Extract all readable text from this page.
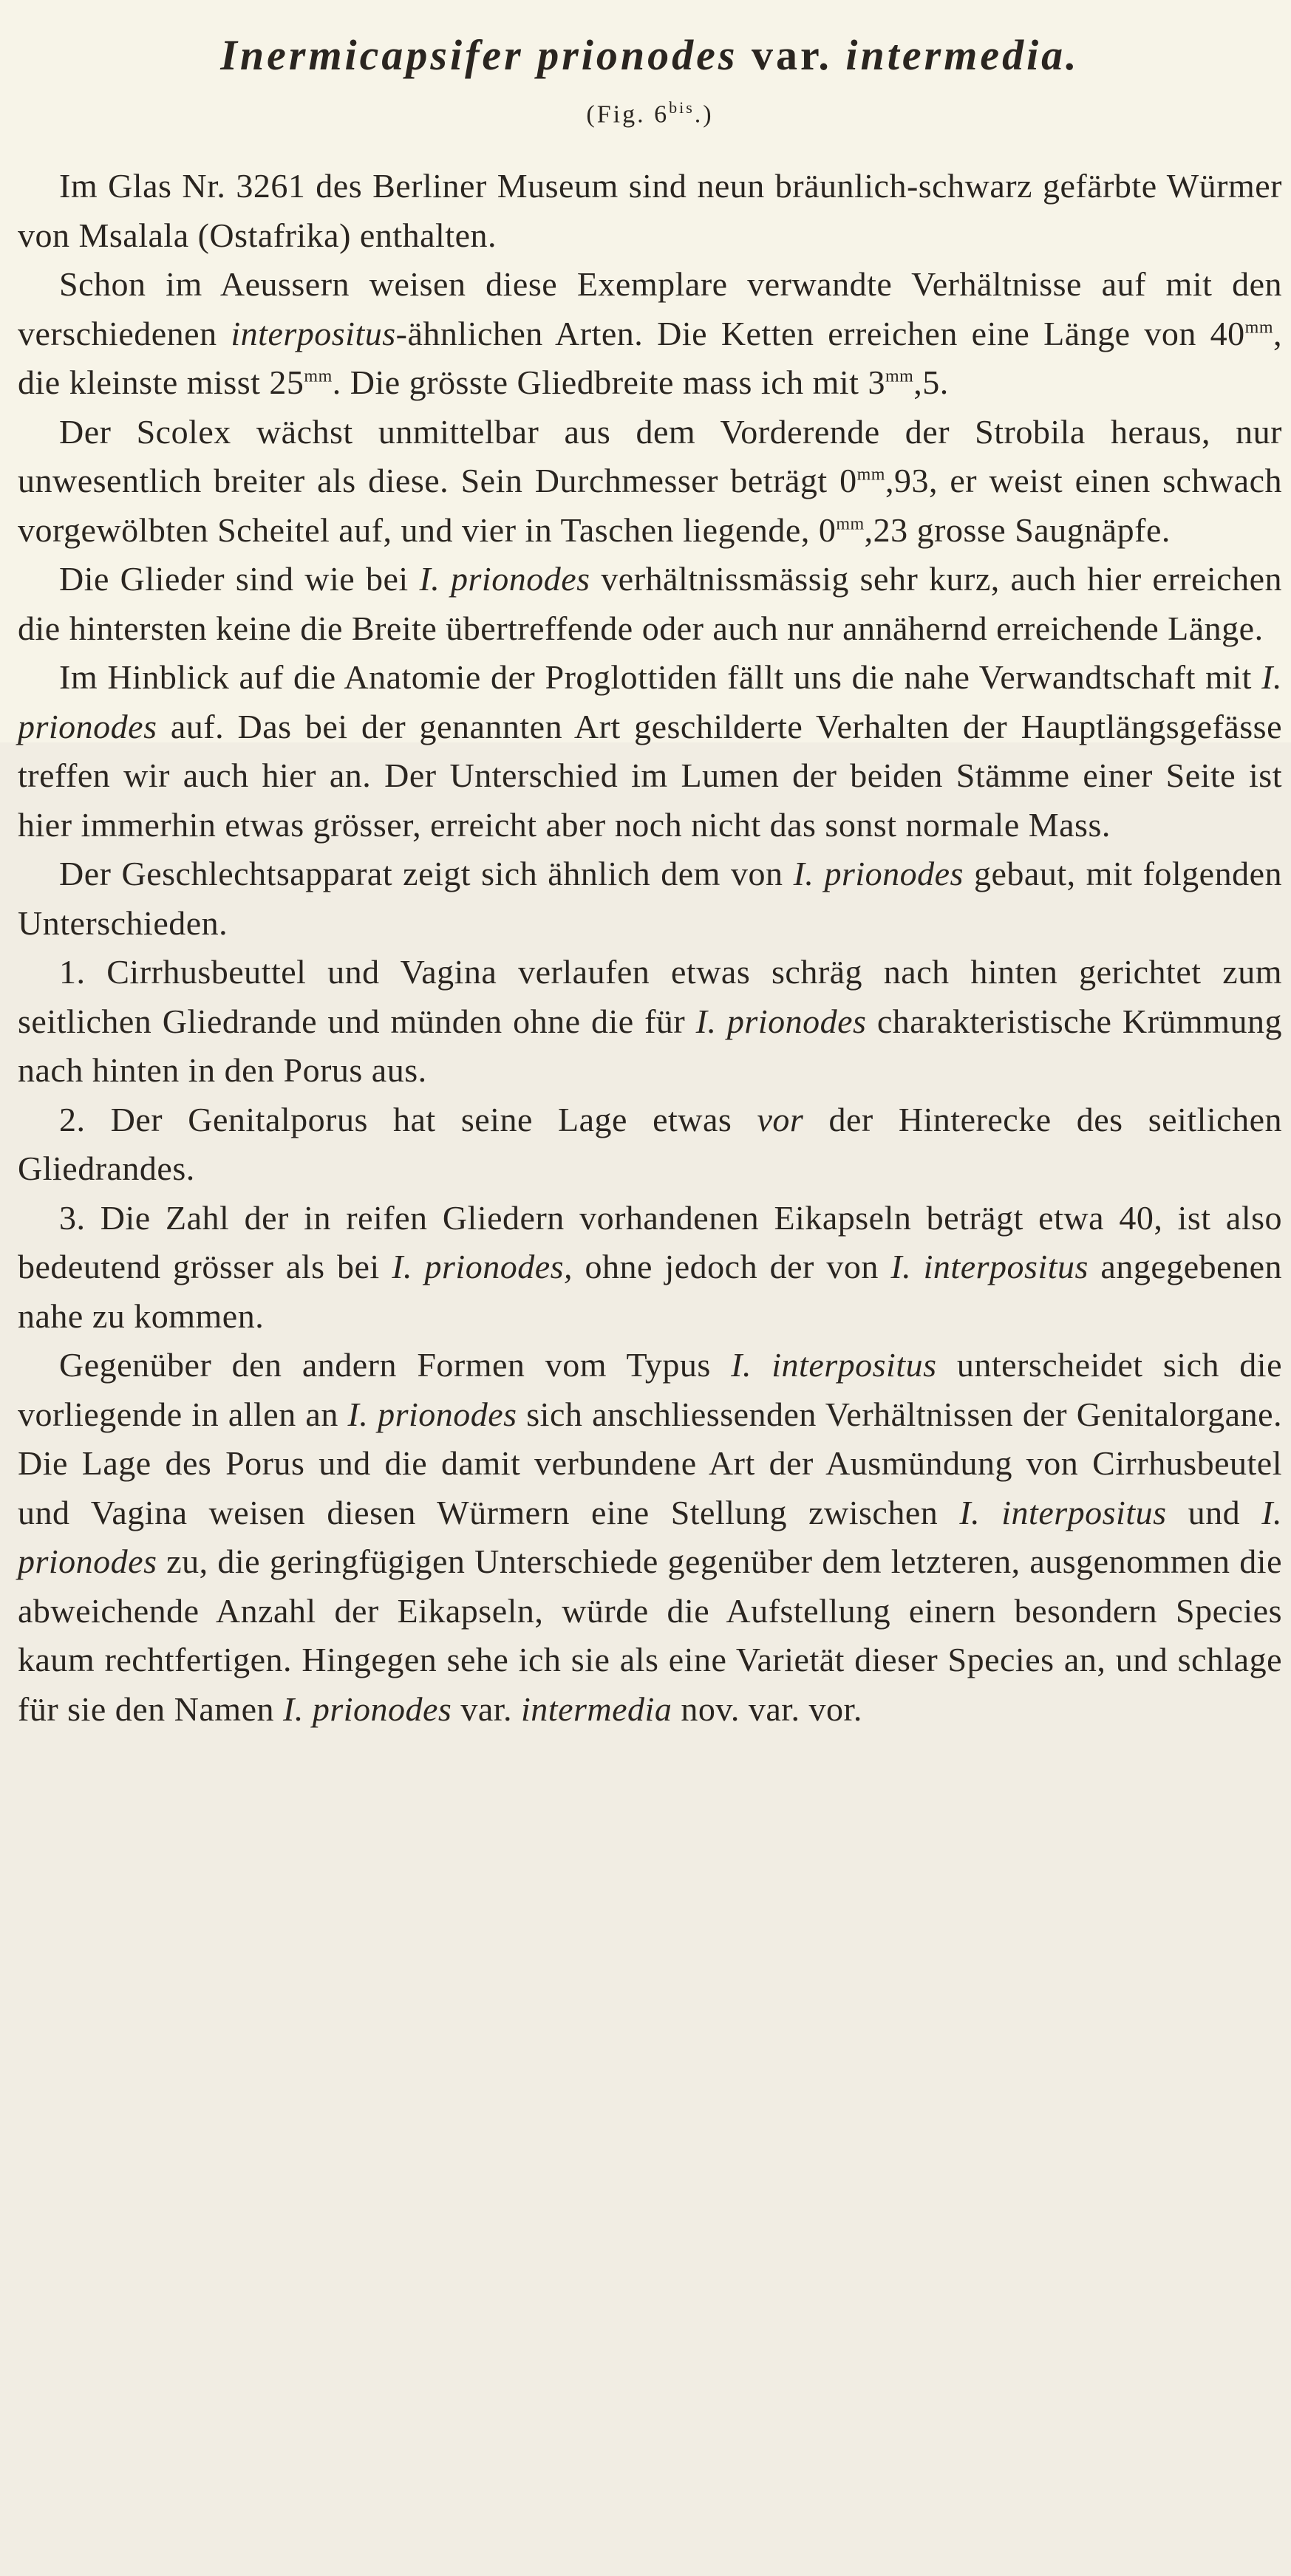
Inermicapsifer prionodes var. intermedia.

(Fig. $6^{bis}$.)

Im Glas Nr. 3261 des Berliner Museum sind neun bräunlich-schwarz gefärbte Würmer von Msalala (Ostafrika) enthalten.

Schon im Aeussern weisen diese Exemplare verwandte Verhältnisse auf mit den verschiedenen interpositus-ähnlichen Arten. Die Ketten erreichen eine Länge von $40^{mm}$, die kleinste misst $25^{mm}$. Die grösste Gliedbreite mass ich mit $3^{mm},5$.

Der Scolex wächst unmittelbar aus dem Vorderende der Strobila heraus, nur unwesentlich breiter als diese. Sein Durchmesser beträgt $0^{mm},93$, er weist einen schwach vorgewölbten Scheitel auf, und vier in Taschen liegende, $0^{mm},23$ grosse Saugnäpfe.

Die Glieder sind wie bei I. prionodes verhältnissmässig sehr kurz, auch hier erreichen die hintersten keine die Breite übertreffende oder auch nur annähernd erreichende Länge.

Im Hinblick auf die Anatomie der Proglottiden fällt uns die nahe Verwandtschaft mit I. prionodes auf. Das bei der genannten Art geschilderte Verhalten der Hauptlängsgefässe treffen wir auch hier an. Der Unterschied im Lumen der beiden Stämme einer Seite ist hier immerhin etwas grösser, erreicht aber noch nicht das sonst normale Mass.

Der Geschlechtsapparat zeigt sich ähnlich dem von I. prionodes gebaut, mit folgenden Unterschieden.

1. Cirrhusbeuttel und Vagina verlaufen etwas schräg nach hinten gerichtet zum seitlichen Gliedrande und münden ohne die für I. prionodes charakteristische Krümmung nach hinten in den Porus aus.

2. Der Genitalporus hat seine Lage etwas vor der Hinterecke des seitlichen Gliedrandes.

3. Die Zahl der in reifen Gliedern vorhandenen Eikapseln beträgt etwa 40, ist also bedeutend grösser als bei I. prionodes, ohne jedoch der von I. interpositus angegebenen nahe zu kommen.

Gegenüber den andern Formen vom Typus I. interpositus unterscheidet sich die vorliegende in allen an I. prionodes sich anschliessenden Verhältnissen der Genitalorgane. Die Lage des Porus und die damit verbundene Art der Ausmündung von Cirrhusbeutel und Vagina weisen diesen Würmern eine Stellung zwischen I. interpositus und I. prionodes zu, die geringfügigen Unterschiede gegenüber dem letzteren, ausgenommen die abweichende Anzahl der Eikapseln, würde die Aufstellung einern besondern Species kaum rechtfertigen. Hingegen sehe ich sie als eine Varietät dieser Species an, und schlage für sie den Namen I. prionodes var. intermedia nov. var. vor.
